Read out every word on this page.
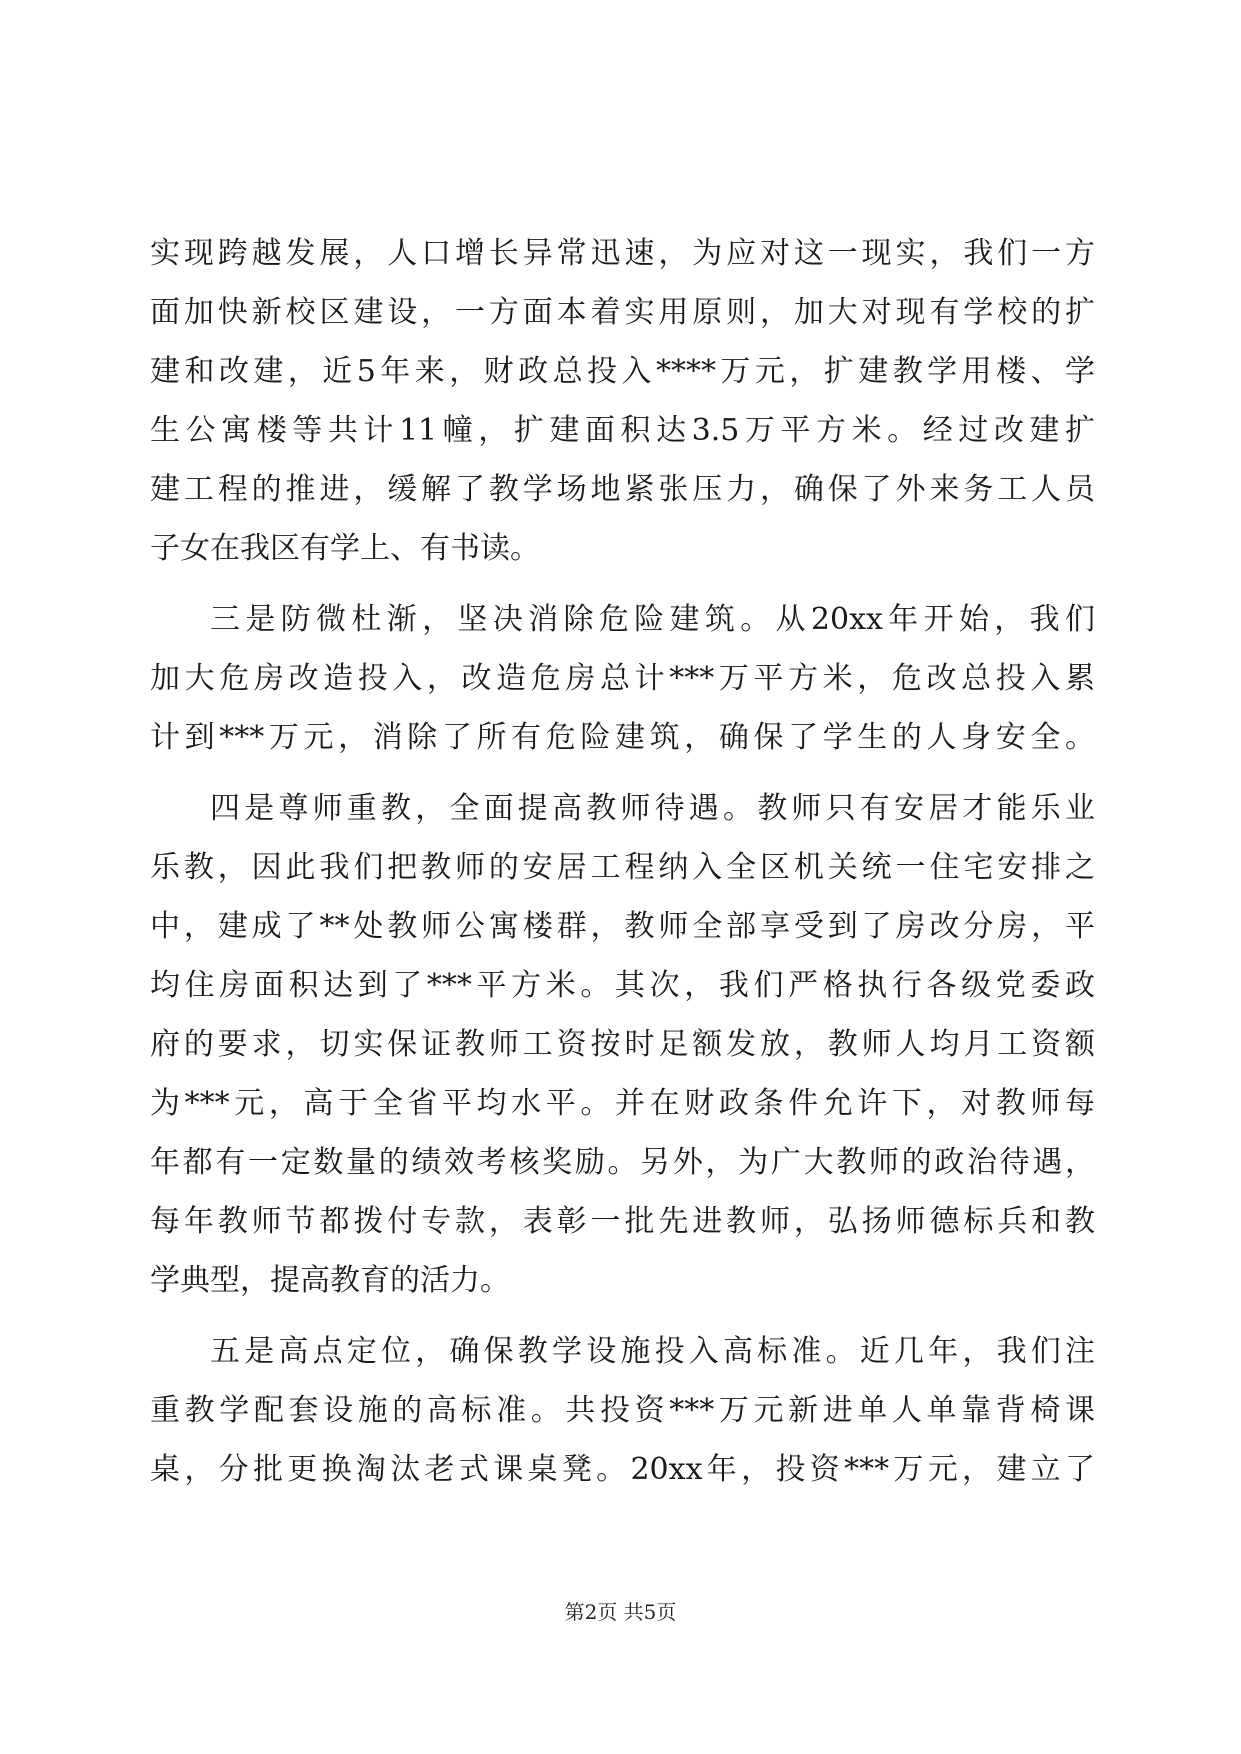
实现跨越发展，人口增长异常迅速，为应对这一现实，我们一方
面加快新校区建设，一方面本着实用原则，加大对现有学校的扩
建和改建，近5年来，财政总投入****万元，扩建教学用楼、学
生公寓楼等共计11幢，扩建面积达3.5万平方米。经过改建扩
建工程的推进，缓解了教学场地紧张压力，确保了外来务工人员
子女在我区有学上、有书读。
三是防微杜渐，坚决消除危险建筑。从20xx年开始，我们
加大危房改造投入，改造危房总计***万平方米，危改总投入累
计到***万元，消除了所有危险建筑，确保了学生的人身安全。
四是尊师重教，全面提高教师待遇。教师只有安居才能乐业
乐教，因此我们把教师的安居工程纳入全区机关统一住宅安排之
中，建成了**处教师公寓楼群，教师全部享受到了房改分房，平
均住房面积达到了***平方米。其次，我们严格执行各级党委政
府的要求，切实保证教师工资按时足额发放，教师人均月工资额
为***元，高于全省平均水平。并在财政条件允许下，对教师每
年都有一定数量的绩效考核奖励。另外，为广大教师的政治待遇，
每年教师节都拨付专款，表彰一批先进教师，弘扬师德标兵和教
学典型，提高教育的活力。
五是高点定位，确保教学设施投入高标准。近几年，我们注
重教学配套设施的高标准。共投资***万元新进单人单靠背椅课
桌，分批更换淘汰老式课桌凳。20xx年，投资***万元，建立了
第2页 共5页
